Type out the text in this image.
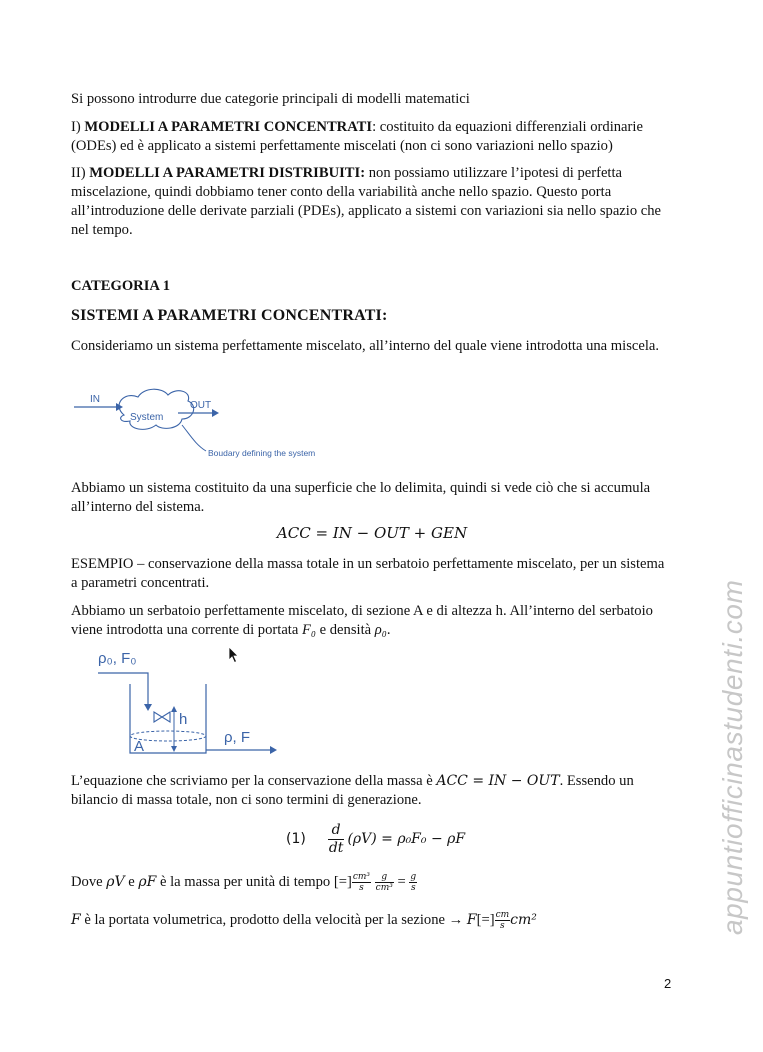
Si possono introdurre due categorie principali di modelli matematici

I) MODELLI A PARAMETRI CONCENTRATI: costituito da equazioni differenziali ordinarie (ODEs) ed è applicato a sistemi perfettamente miscelati (non ci sono variazioni nello spazio)

II) MODELLI A PARAMETRI DISTRIBUITI: non possiamo utilizzare l’ipotesi di perfetta miscelazione, quindi dobbiamo tener conto della variabilità anche nello spazio. Questo porta all’introduzione delle derivate parziali (PDEs), applicato a sistemi con variazioni sia nello spazio che nel tempo.

CATEGORIA 1

SISTEMI A PARAMETRI CONCENTRATI:

Consideriamo un sistema perfettamente miscelato, all’interno del quale viene introdotta una miscela.

IN
System
OUT
Boudary defining the system

Abbiamo un sistema costituito da una superficie che lo delimita, quindi si vede ciò che si accumula all’interno del sistema.

ACC = IN − OUT + GEN

ESEMPIO – conservazione della massa totale in un serbatoio perfettamente miscelato, per un sistema a parametri concentrati.

Abbiamo un serbatoio perfettamente miscelato, di sezione A e di altezza h. All’interno del serbatoio viene introdotta una corrente di portata F₀ e densità ρ₀.

ρ₀, F₀
h
A
ρ, F

L’equazione che scriviamo per la conservazione della massa è ACC = IN − OUT. Essendo un bilancio di massa totale, non ci sono termini di generazione.

$(1) \frac{d}{dt} (\rho V) = \rho_0F_0 - \rho F$

Dove ρV e ρF è la massa per unità di tempo [=] $\frac{\text{cm³}}{s}$
$\frac{g}{\text{cm³}} = \frac{g}{s}$

F è la portata volumetrica, prodotto della velocità per la sezione → $F[=] \frac{cm}{s} cm^2$	appuntiofficinastudenti.com
2
